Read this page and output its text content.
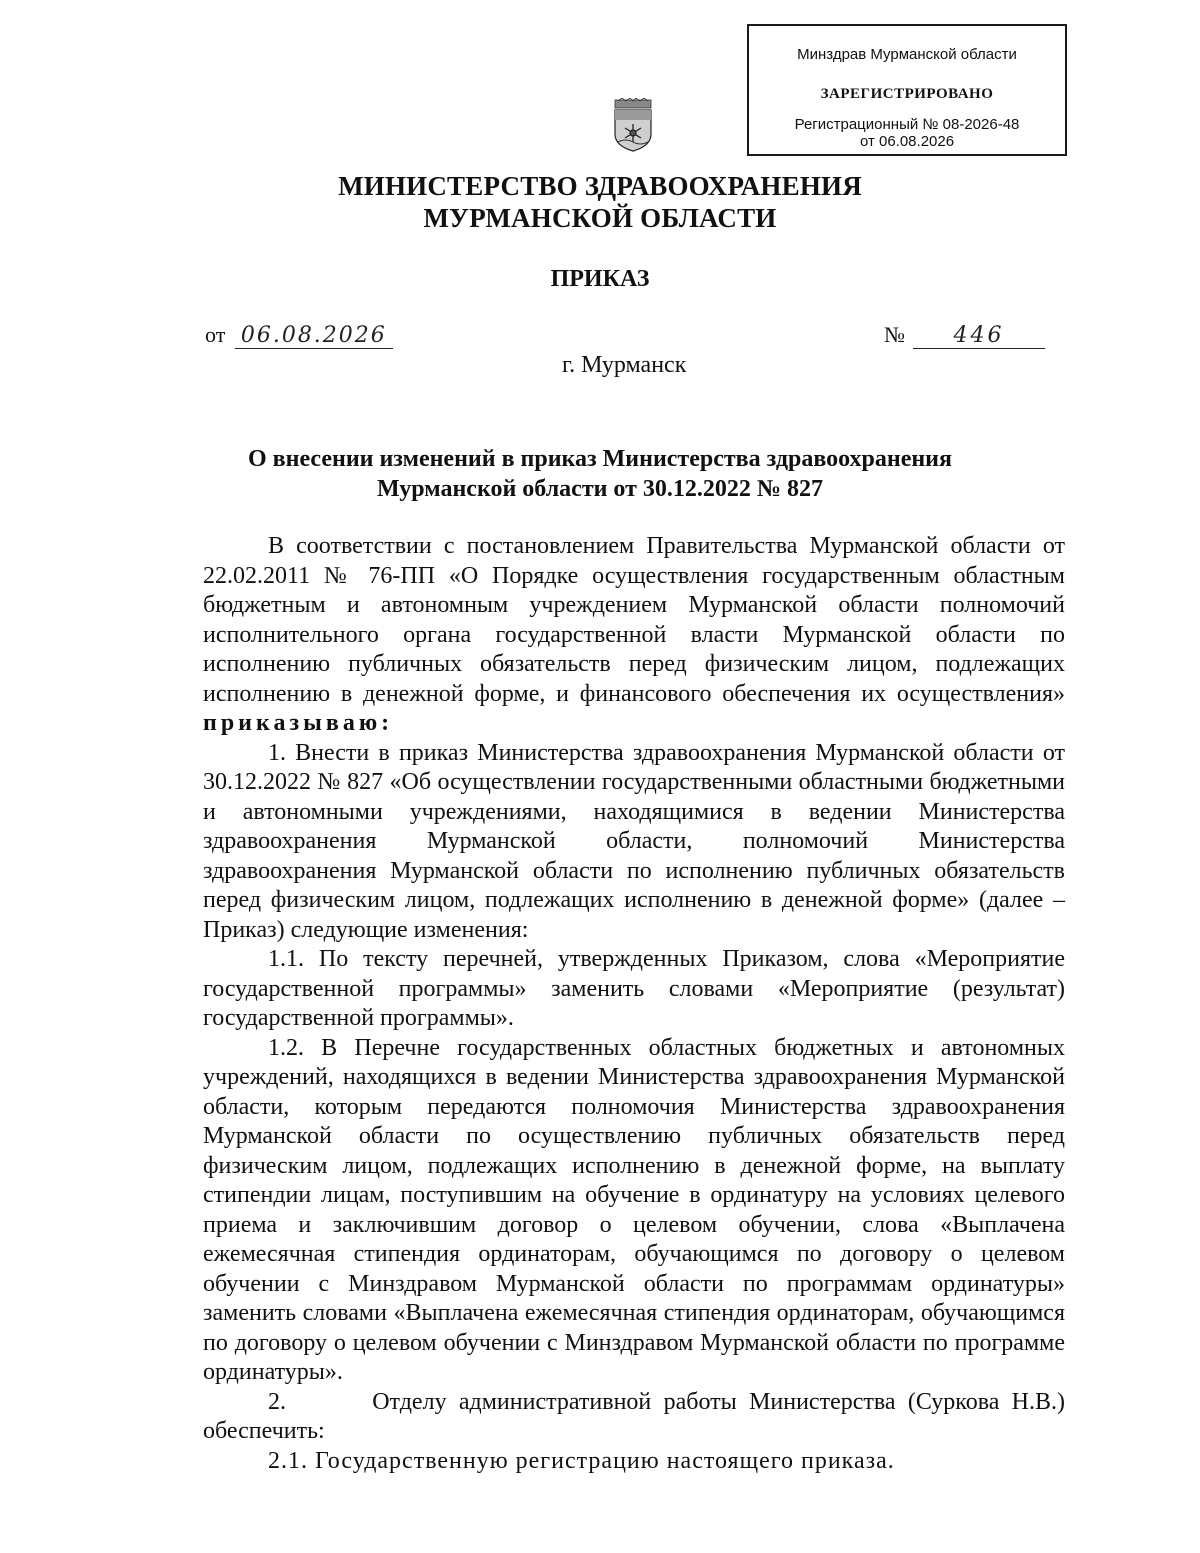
Минздрав Мурманской области
ЗАРЕГИСТРИРОВАНО
Регистрационный № 08-2026-48
от 06.08.2026
МИНИСТЕРСТВО ЗДРАВООХРАНЕНИЯ
МУРМАНСКОЙ ОБЛАСТИ
ПРИКАЗ
от 06.08.2026	№ 446
г. Мурманск
О внесении изменений в приказ Министерства здравоохранения
Мурманской области от 30.12.2022 № 827

В соответствии с постановлением Правительства Мурманской области от 22.02.2011 № 76-ПП «О Порядке осуществления государственным областным бюджетным и автономным учреждением Мурманской области полномочий исполнительного органа государственной власти Мурманской области по исполнению публичных обязательств перед физическим лицом, подлежащих исполнению в денежной форме, и финансового обеспечения их осуществления» приказываю:

1. Внести в приказ Министерства здравоохранения Мурманской области от 30.12.2022 № 827 «Об осуществлении государственными областными бюджетными и автономными учреждениями, находящимися в ведении Министерства здравоохранения Мурманской области, полномочий Министерства здравоохранения Мурманской области по исполнению публичных обязательств перед физическим лицом, подлежащих исполнению в денежной форме» (далее – Приказ) следующие изменения:

1.1. По тексту перечней, утвержденных Приказом, слова «Мероприятие государственной программы» заменить словами «Мероприятие (результат) государственной программы».

1.2. В Перечне государственных областных бюджетных и автономных учреждений, находящихся в ведении Министерства здравоохранения Мурманской области, которым передаются полномочия Министерства здравоохранения Мурманской области по осуществлению публичных обязательств перед физическим лицом, подлежащих исполнению в денежной форме, на выплату стипендии лицам, поступившим на обучение в ординатуру на условиях целевого приема и заключившим договор о целевом обучении, слова «Выплачена ежемесячная стипендия ординаторам, обучающимся по договору о целевом обучении с Минздравом Мурманской области по программам ординатуры» заменить словами «Выплачена ежемесячная стипендия ординаторам, обучающимся по договору о целевом обучении с Минздравом Мурманской области по программе ординатуры».

2.	Отделу административной работы Министерства (Суркова Н.В.) обеспечить:

2.1. Государственную регистрацию настоящего приказа.
